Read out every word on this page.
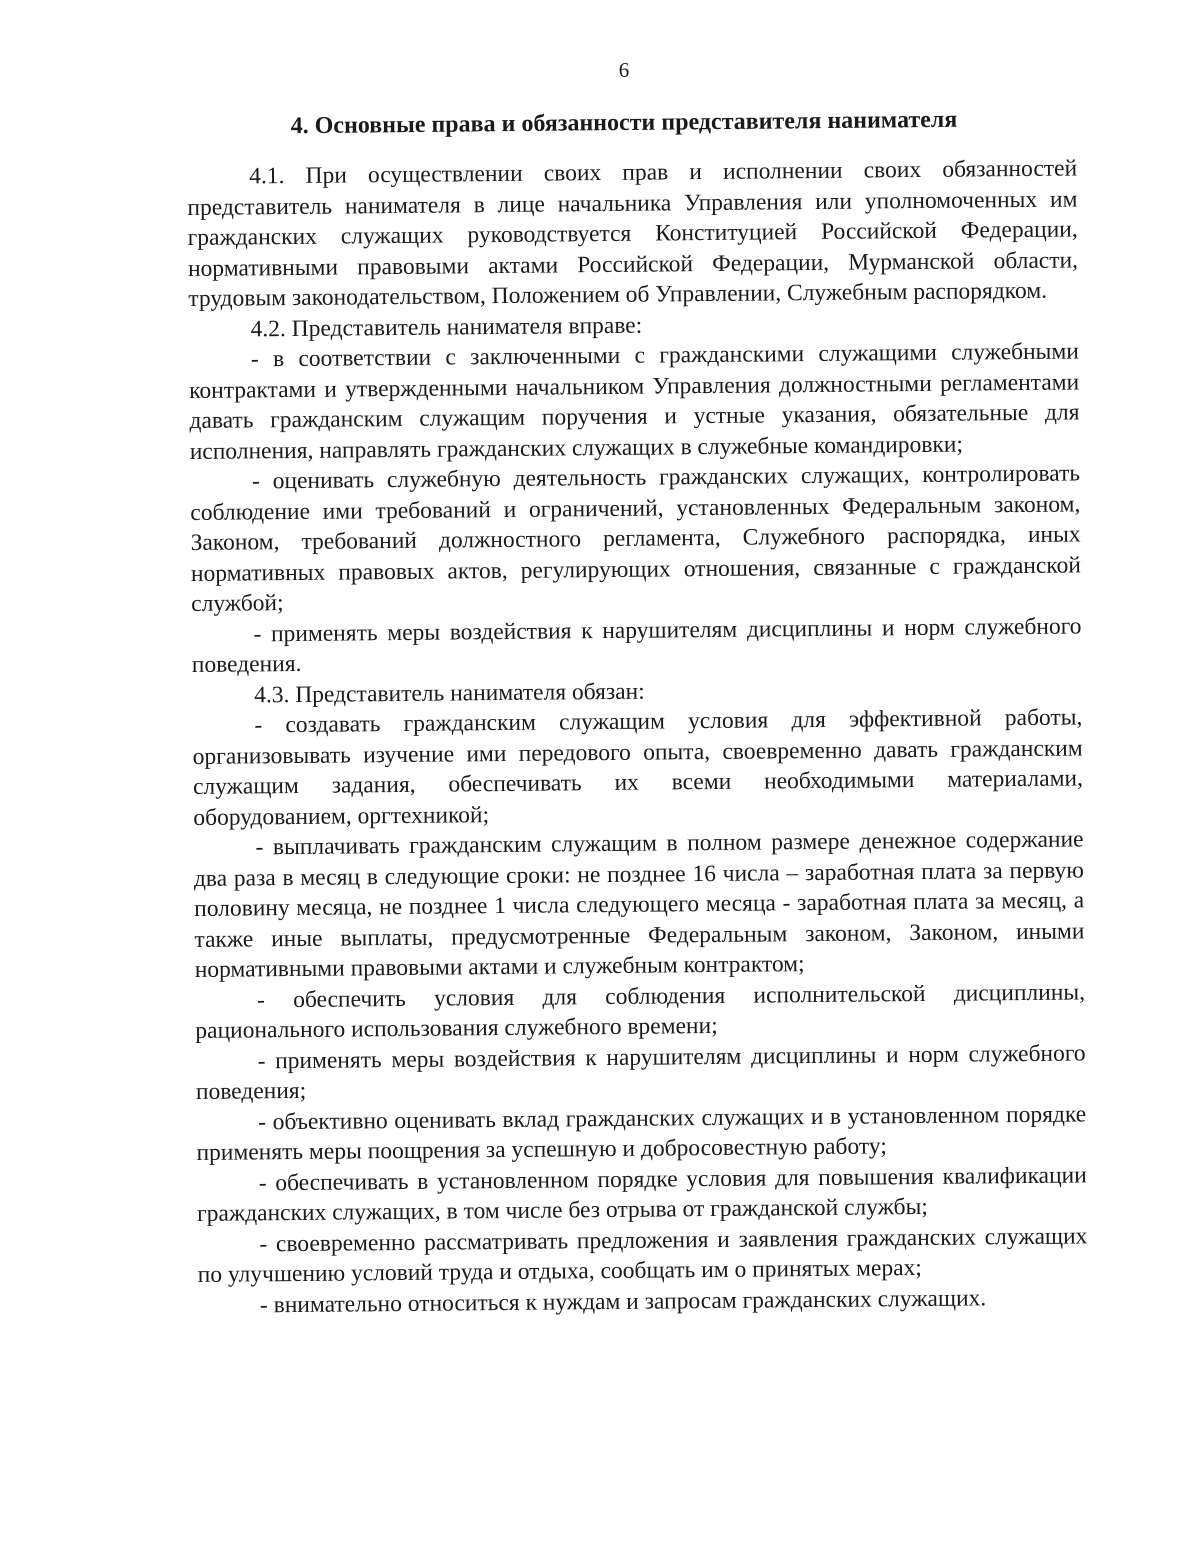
6
4. Основные права и обязанности представителя нанимателя

4.1. При осуществлении своих прав и исполнении своих обязанностей представитель нанимателя в лице начальника Управления или уполномоченных им гражданских служащих руководствуется Конституцией Российской Федерации, нормативными правовыми актами Российской Федерации, Мурманской области, трудовым законодательством, Положением об Управлении, Служебным распорядком.

4.2. Представитель нанимателя вправе:

- в соответствии с заключенными с гражданскими служащими служебными контрактами и утвержденными начальником Управления должностными регламентами давать гражданским служащим поручения и устные указания, обязательные для исполнения, направлять гражданских служащих в служебные командировки;

- оценивать служебную деятельность гражданских служащих, контролировать соблюдение ими требований и ограничений, установленных Федеральным законом, Законом, требований должностного регламента, Служебного распорядка, иных нормативных правовых актов, регулирующих отношения, связанные с гражданской службой;

- применять меры воздействия к нарушителям дисциплины и норм служебного поведения.

4.3. Представитель нанимателя обязан:

- создавать гражданским служащим условия для эффективной работы, организовывать изучение ими передового опыта, своевременно давать гражданским служащим задания, обеспечивать их всеми необходимыми материалами, оборудованием, оргтехникой;

- выплачивать гражданским служащим в полном размере денежное содержание два раза в месяц в следующие сроки: не позднее 16 числа – заработная плата за первую половину месяца, не позднее 1 числа следующего месяца - заработная плата за месяц, а также иные выплаты, предусмотренные Федеральным законом, Законом, иными нормативными правовыми актами и служебным контрактом;

- обеспечить условия для соблюдения исполнительской дисциплины, рационального использования служебного времени;

- применять меры воздействия к нарушителям дисциплины и норм служебного поведения;

- объективно оценивать вклад гражданских служащих и в установленном порядке применять меры поощрения за успешную и добросовестную работу;

- обеспечивать в установленном порядке условия для повышения квалификации гражданских служащих, в том числе без отрыва от гражданской службы;

- своевременно рассматривать предложения и заявления гражданских служащих по улучшению условий труда и отдыха, сообщать им о принятых мерах;

- внимательно относиться к нуждам и запросам гражданских служащих.
